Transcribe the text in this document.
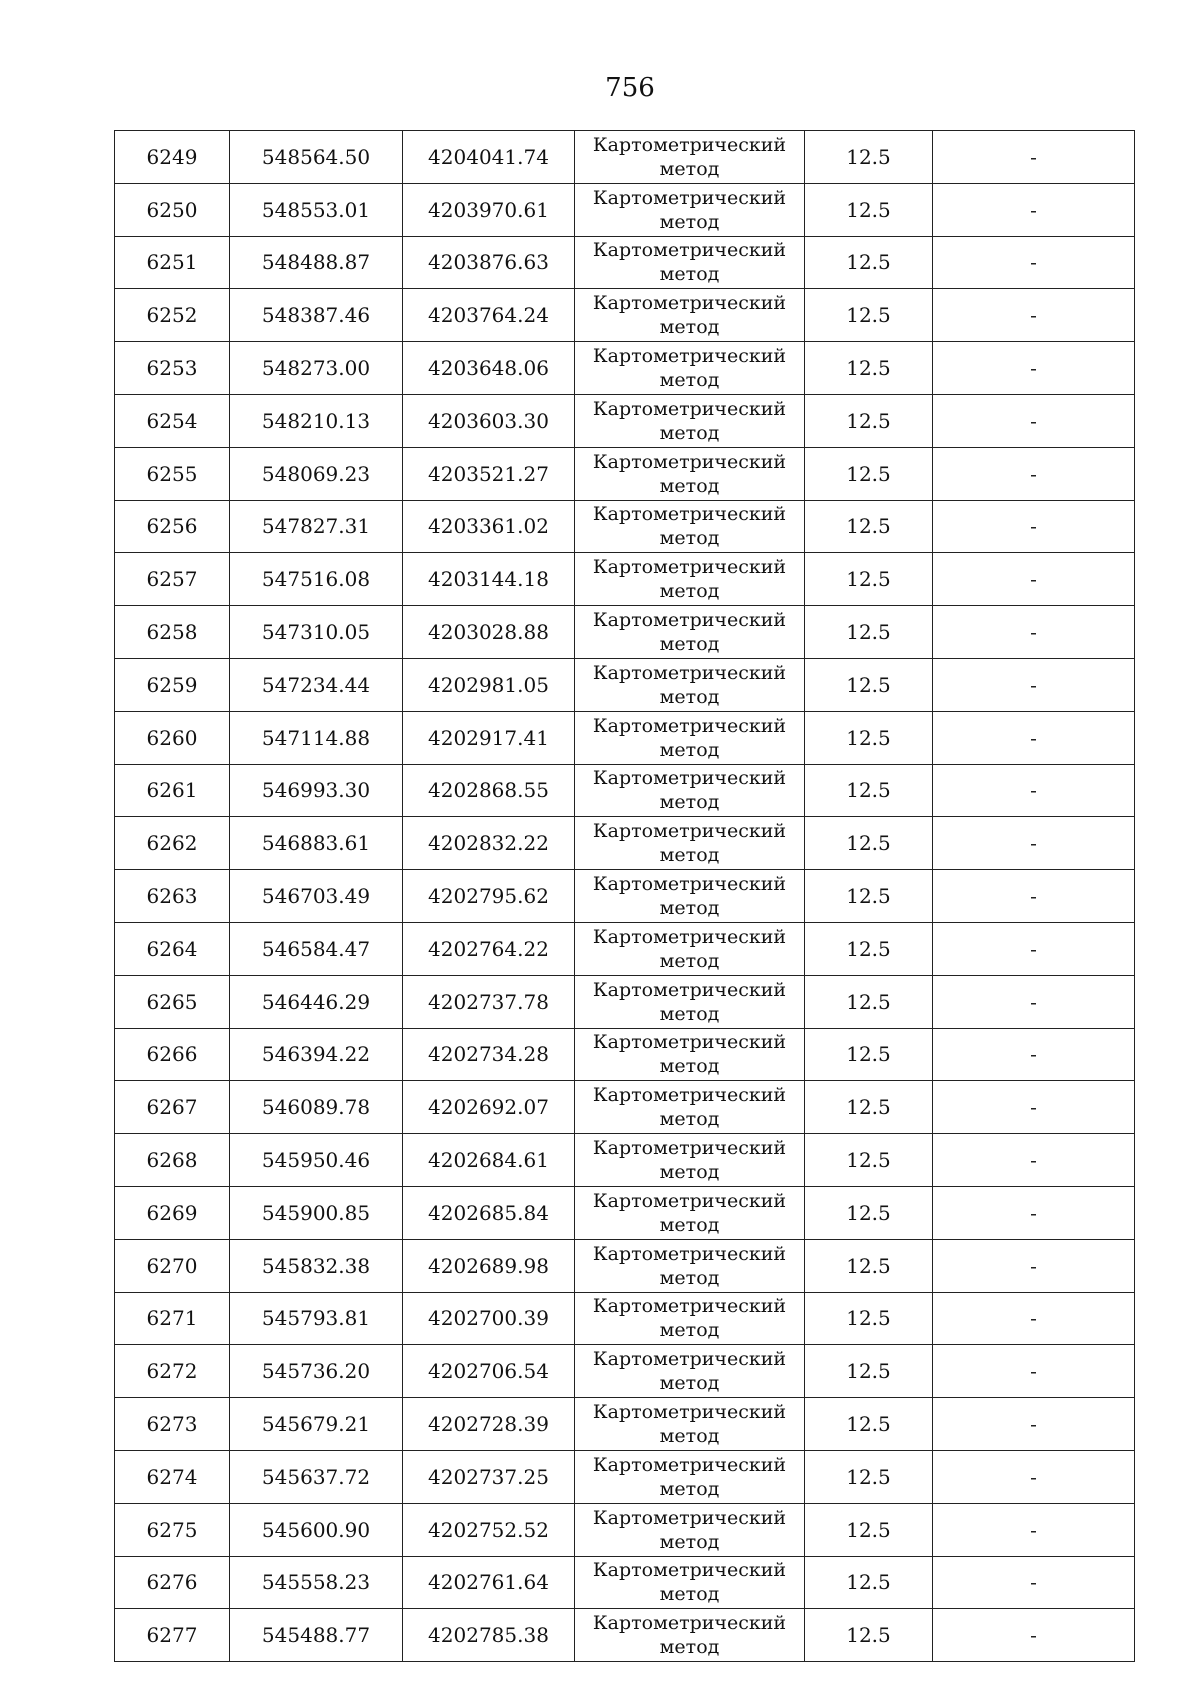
756
6249	548564.50	4204041.74	Картометрический метод	12.5	-
6250	548553.01	4203970.61	Картометрический метод	12.5	-
6251	548488.87	4203876.63	Картометрический метод	12.5	-
6252	548387.46	4203764.24	Картометрический метод	12.5	-
6253	548273.00	4203648.06	Картометрический метод	12.5	-
6254	548210.13	4203603.30	Картометрический метод	12.5	-
6255	548069.23	4203521.27	Картометрический метод	12.5	-
6256	547827.31	4203361.02	Картометрический метод	12.5	-
6257	547516.08	4203144.18	Картометрический метод	12.5	-
6258	547310.05	4203028.88	Картометрический метод	12.5	-
6259	547234.44	4202981.05	Картометрический метод	12.5	-
6260	547114.88	4202917.41	Картометрический метод	12.5	-
6261	546993.30	4202868.55	Картометрический метод	12.5	-
6262	546883.61	4202832.22	Картометрический метод	12.5	-
6263	546703.49	4202795.62	Картометрический метод	12.5	-
6264	546584.47	4202764.22	Картометрический метод	12.5	-
6265	546446.29	4202737.78	Картометрический метод	12.5	-
6266	546394.22	4202734.28	Картометрический метод	12.5	-
6267	546089.78	4202692.07	Картометрический метод	12.5	-
6268	545950.46	4202684.61	Картометрический метод	12.5	-
6269	545900.85	4202685.84	Картометрический метод	12.5	-
6270	545832.38	4202689.98	Картометрический метод	12.5	-
6271	545793.81	4202700.39	Картометрический метод	12.5	-
6272	545736.20	4202706.54	Картометрический метод	12.5	-
6273	545679.21	4202728.39	Картометрический метод	12.5	-
6274	545637.72	4202737.25	Картометрический метод	12.5	-
6275	545600.90	4202752.52	Картометрический метод	12.5	-
6276	545558.23	4202761.64	Картометрический метод	12.5	-
6277	545488.77	4202785.38	Картометрический метод	12.5	-
